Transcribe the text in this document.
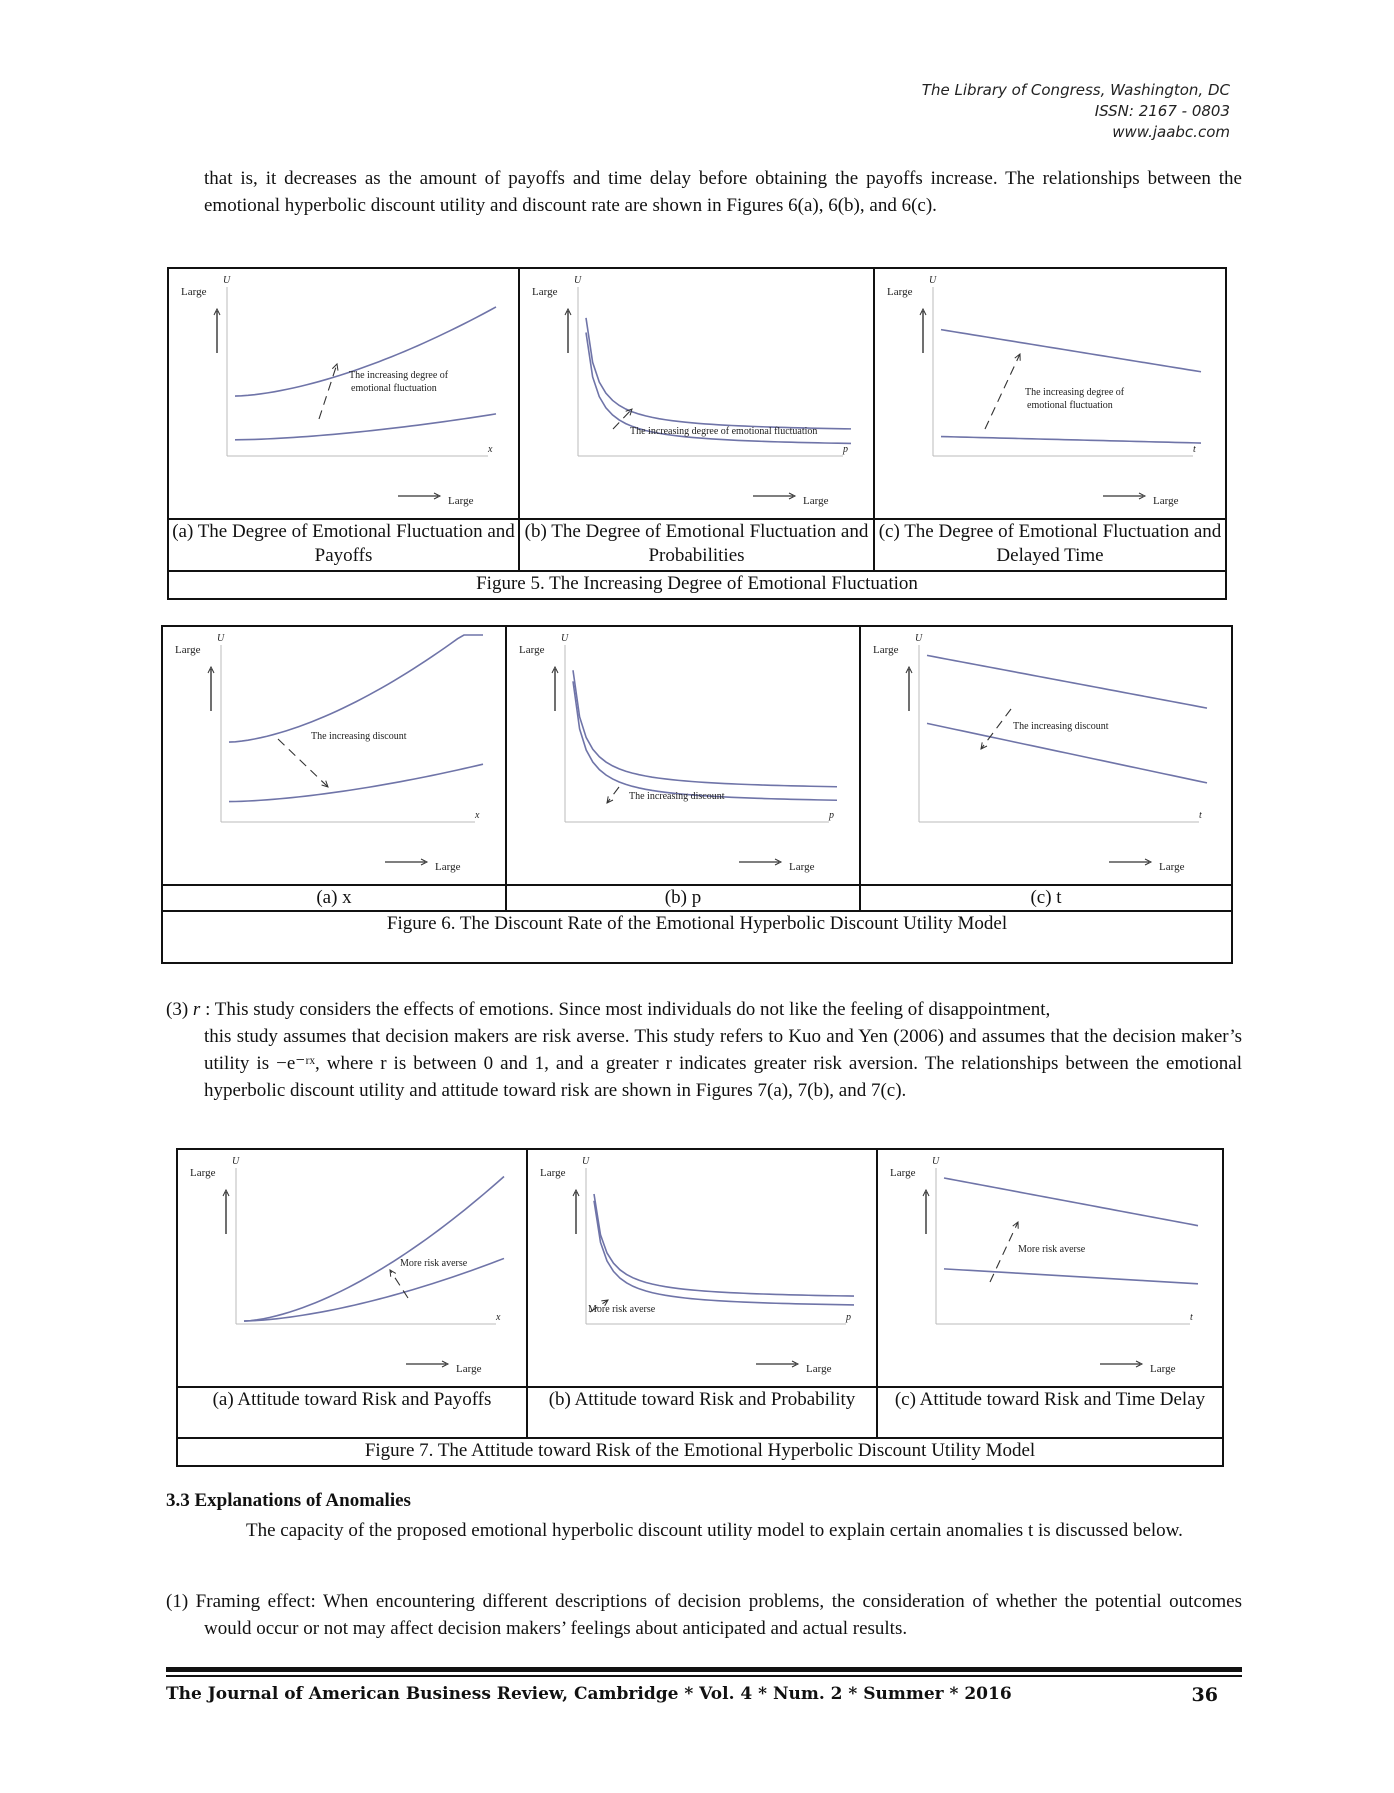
The Library of Congress, Washington, DC
ISSN: 2167 - 0803
www.jaabc.com
that is, it decreases as the amount of payoffs and time delay before obtaining the payoffs increase. The relationships between the emotional hyperbolic discount utility and discount rate are shown in Figures 6(a), 6(b), and 6(c).
U
x
Large
Large
The increasing degree of
emotional fluctuation
U
p
Large
Large
The increasing degree of emotional fluctuation
U
t
Large
Large
The increasing degree of
emotional fluctuation
(a) The Degree of Emotional Fluctuation and Payoffs
(b) The Degree of Emotional Fluctuation and Probabilities
(c) The Degree of Emotional Fluctuation and Delayed Time
Figure 5. The Increasing Degree of Emotional Fluctuation
U
x
Large
Large
The increasing discount
U
p
Large
Large
The increasing discount
U
t
Large
Large
The increasing discount
(a) x	(b) p	(c) t
Figure 6. The Discount Rate of the Emotional Hyperbolic Discount Utility Model
(3) r : This study considers the effects of emotions. Since most individuals do not like the feeling of disappointment,
this study assumes that decision makers are risk averse. This study refers to Kuo and Yen (2006) and assumes that the decision maker’s utility is −e⁻ʳˣ, where r is between 0 and 1, and a greater r indicates greater risk aversion. The relationships between the emotional hyperbolic discount utility and attitude toward risk are shown in Figures 7(a), 7(b), and 7(c).
U
x
Large
Large
More risk averse
U
p
Large
Large
More risk averse
U
t
Large
Large
More risk averse
(a) Attitude toward Risk and Payoffs	(b) Attitude toward Risk and Probability	(c) Attitude toward Risk and Time Delay
Figure 7. The Attitude toward Risk of the Emotional Hyperbolic Discount Utility Model
3.3 Explanations of Anomalies
The capacity of the proposed emotional hyperbolic discount utility model to explain certain anomalies t is discussed below.
(1) Framing effect: When encountering different descriptions of decision problems, the consideration of whether the potential outcomes would occur or not may affect decision makers’ feelings about anticipated and actual results.
The Journal of American Business Review, Cambridge * Vol. 4 * Num. 2 * Summer * 2016	36
